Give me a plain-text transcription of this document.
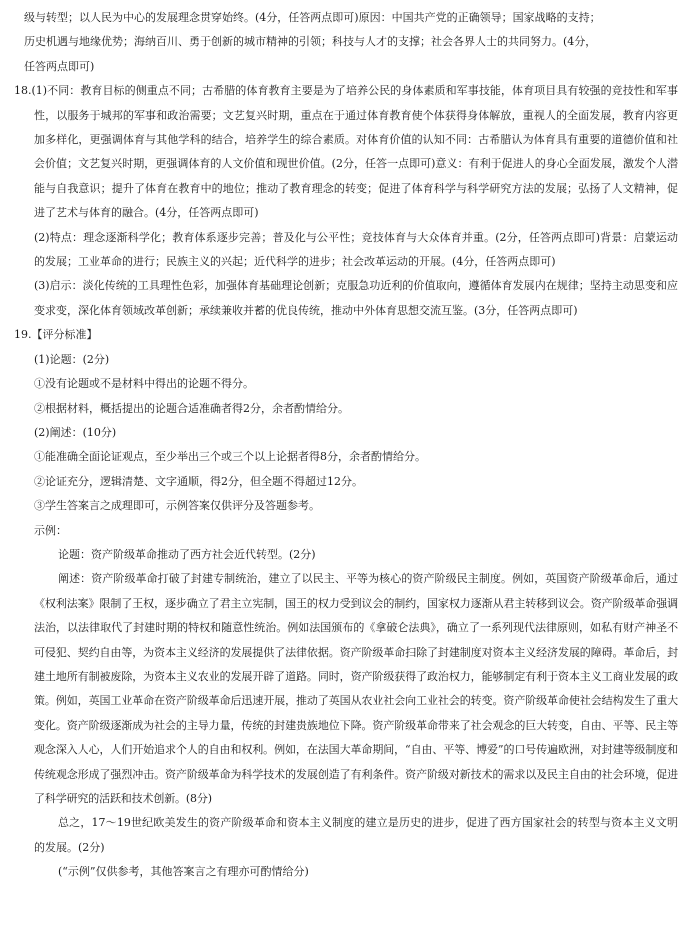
级与转型；以人民为中心的发展理念贯穿始终。(4分，任答两点即可)原因：中国共产党的正确领导；国家战略的支持；

历史机遇与地缘优势；海纳百川、勇于创新的城市精神的引领；科技与人才的支撑；社会各界人士的共同努力。(4分，

任答两点即可)

18.(1)不同：教育目标的侧重点不同；古希腊的体育教育主要是为了培养公民的身体素质和军事技能，体育项目具有较强的竞技性和军事性，以服务于城邦的军事和政治需要；文艺复兴时期，重点在于通过体育教育使个体获得身体解放，重视人的全面发展，教育内容更加多样化，更强调体育与其他学科的结合，培养学生的综合素质。对体育价值的认知不同：古希腊认为体育具有重要的道德价值和社会价值；文艺复兴时期，更强调体育的人文价值和现世价值。(2分，任答一点即可)意义：有利于促进人的身心全面发展，激发个人潜能与自我意识；提升了体育在教育中的地位；推动了教育理念的转变；促进了体育科学与科学研究方法的发展；弘扬了人文精神，促进了艺术与体育的融合。(4分，任答两点即可)

(2)特点：理念逐渐科学化；教育体系逐步完善；普及化与公平性；竞技体育与大众体育并重。(2分，任答两点即可)背景：启蒙运动的发展；工业革命的进行；民族主义的兴起；近代科学的进步；社会改革运动的开展。(4分，任答两点即可)

(3)启示：淡化传统的工具理性色彩，加强体育基础理论创新；克服急功近利的价值取向，遵循体育发展内在规律；坚持主动思变和应变求变，深化体育领域改革创新；承续兼收并蓄的优良传统，推动中外体育思想交流互鉴。(3分，任答两点即可)

19.【评分标准】

(1)论题：(2分)

①没有论题或不是材料中得出的论题不得分。

②根据材料，概括提出的论题合适准确者得2分，余者酌情给分。

(2)阐述：(10分)

①能准确全面论证观点，至少举出三个或三个以上论据者得8分，余者酌情给分。

②论证充分，逻辑清楚、文字通顺，得2分，但全题不得超过12分。

③学生答案言之成理即可，示例答案仅供评分及答题参考。

示例：

论题：资产阶级革命推动了西方社会近代转型。(2分)

阐述：资产阶级革命打破了封建专制统治，建立了以民主、平等为核心的资产阶级民主制度。例如，英国资产阶级革命后，通过《权利法案》限制了王权，逐步确立了君主立宪制，国王的权力受到议会的制约，国家权力逐渐从君主转移到议会。资产阶级革命强调法治，以法律取代了封建时期的特权和随意性统治。例如法国颁布的《拿破仑法典》，确立了一系列现代法律原则，如私有财产神圣不可侵犯、契约自由等，为资本主义经济的发展提供了法律依据。资产阶级革命扫除了封建制度对资本主义经济发展的障碍。革命后，封建土地所有制被废除，为资本主义农业的发展开辟了道路。同时，资产阶级获得了政治权力，能够制定有利于资本主义工商业发展的政策。例如，英国工业革命在资产阶级革命后迅速开展，推动了英国从农业社会向工业社会的转变。资产阶级革命使社会结构发生了重大变化。资产阶级逐渐成为社会的主导力量，传统的封建贵族地位下降。资产阶级革命带来了社会观念的巨大转变，自由、平等、民主等观念深入人心，人们开始追求个人的自由和权利。例如，在法国大革命期间，“自由、平等、博爱”的口号传遍欧洲，对封建等级制度和传统观念形成了强烈冲击。资产阶级革命为科学技术的发展创造了有利条件。资产阶级对新技术的需求以及民主自由的社会环境，促进了科学研究的活跃和技术创新。(8分)

总之，17～19世纪欧美发生的资产阶级革命和资本主义制度的建立是历史的进步，促进了西方国家社会的转型与资本主义文明的发展。(2分)

(“示例”仅供参考，其他答案言之有理亦可酌情给分)
